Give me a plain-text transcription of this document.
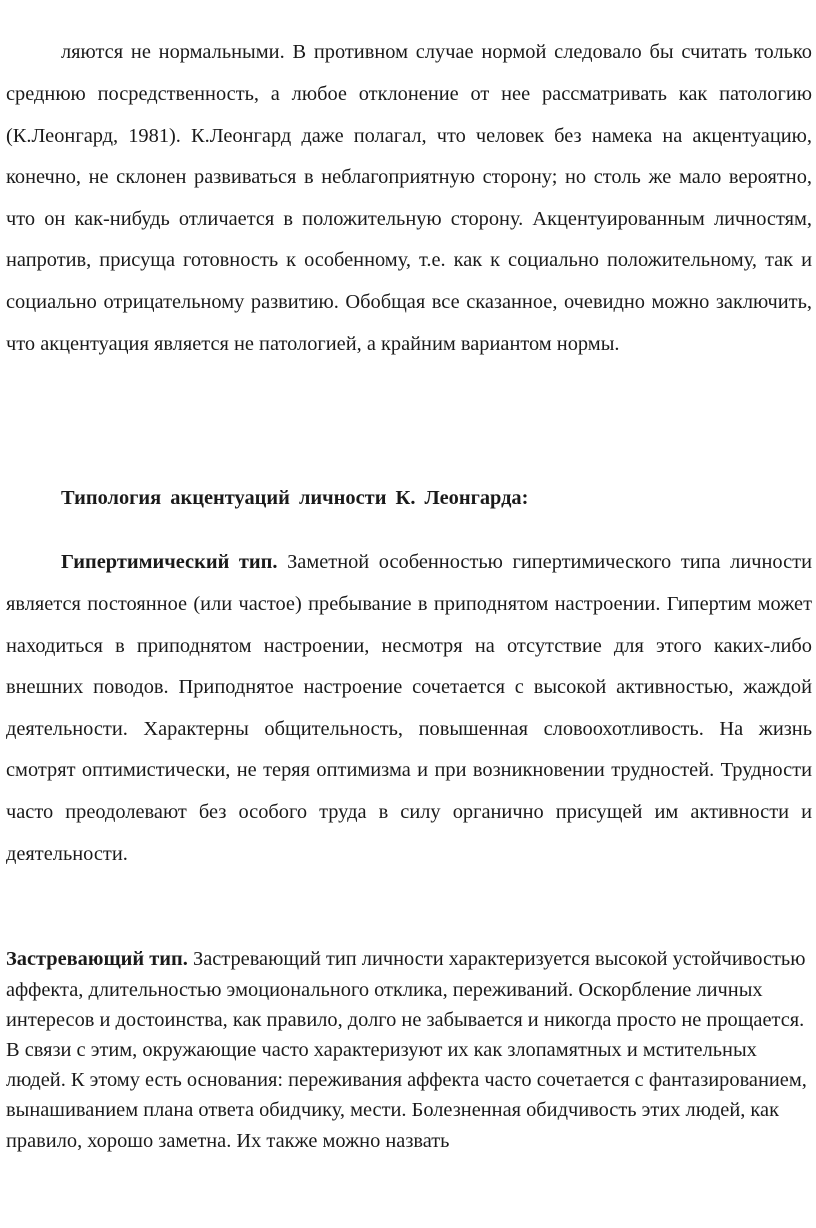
ляются не нормальными. В противном случае нормой следовало бы считать только среднюю посредственность, а любое отклонение от нее рассматривать как патологию (К.Леонгард, 1981). К.Леонгард даже полагал, что человек без намека на акцентуацию, конечно, не склонен развиваться в неблагоприятную сторону; но столь же мало вероятно, что он как-нибудь отличается в положительную сторону. Акцентуированным личностям, напротив, присуща готовность к особенному, т.е. как к социально положительному, так и социально отрицательному развитию. Обобщая все сказанное, очевидно можно заключить, что акцентуация является не патологией, а крайним вариантом нормы.

Типология акцентуаций личности К. Леонгарда:

Гипертимический тип. Заметной особенностью гипертимического типа личности является постоянное (или частое) пребывание в приподнятом настроении. Гипертим может находиться в приподнятом настроении, несмотря на отсутствие для этого каких-либо внешних поводов. Приподнятое настроение сочетается с высокой активностью, жаждой деятельности. Характерны общительность, повышенная словоохотливость. На жизнь смотрят оптимистически, не теряя оптимизма и при возникновении трудностей. Трудности часто преодолевают без особого труда в силу органично присущей им активности и деятельности.

Застревающий тип. Застревающий тип личности характеризуется высокой устойчивостью аффекта, длительностью эмоционального отклика, переживаний. Оскорбление личных интересов и достоинства, как правило, долго не забывается и никогда просто не прощается. В связи с этим, окружающие часто характеризуют их как злопамятных и мстительных людей. К этому есть основания: переживания аффекта часто сочетается с фантазированием, вынашиванием плана ответа обидчику, мести. Болезненная обидчивость этих людей, как правило, хорошо заметна. Их также можно назвать
